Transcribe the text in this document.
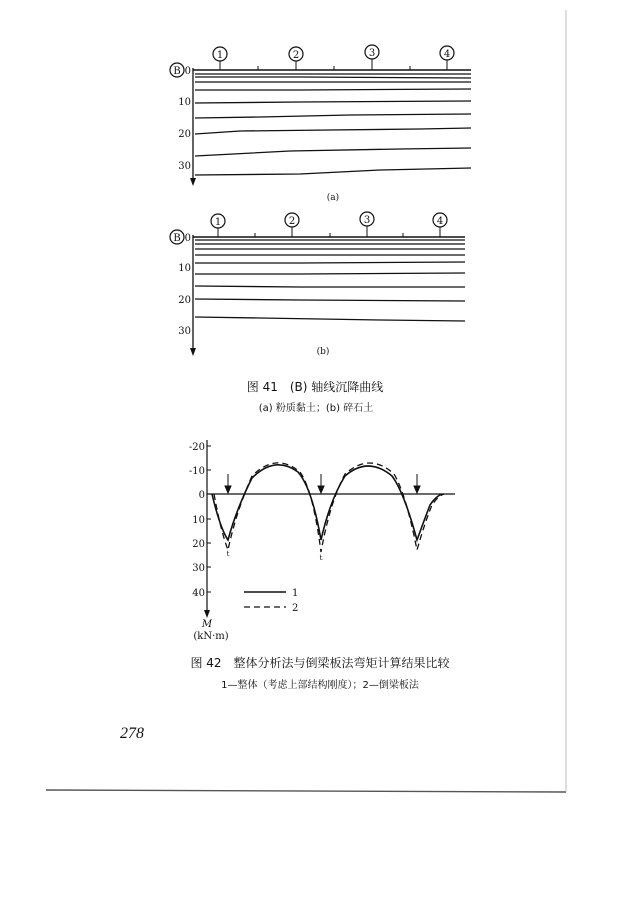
1	2	3	4
B 0
10
20
30
(a)
1	2	3	4
B 0
10
20
30
(b)
图 41　(B) 轴线沉降曲线
(a) 粉质黏土；(b) 碎石土
-20
-10
0
10
20
30
40
t	t
1
2
M
(kN·m)
图 42　整体分析法与倒梁板法弯矩计算结果比较
1—整体（考虑上部结构刚度）；2—倒梁板法
278
